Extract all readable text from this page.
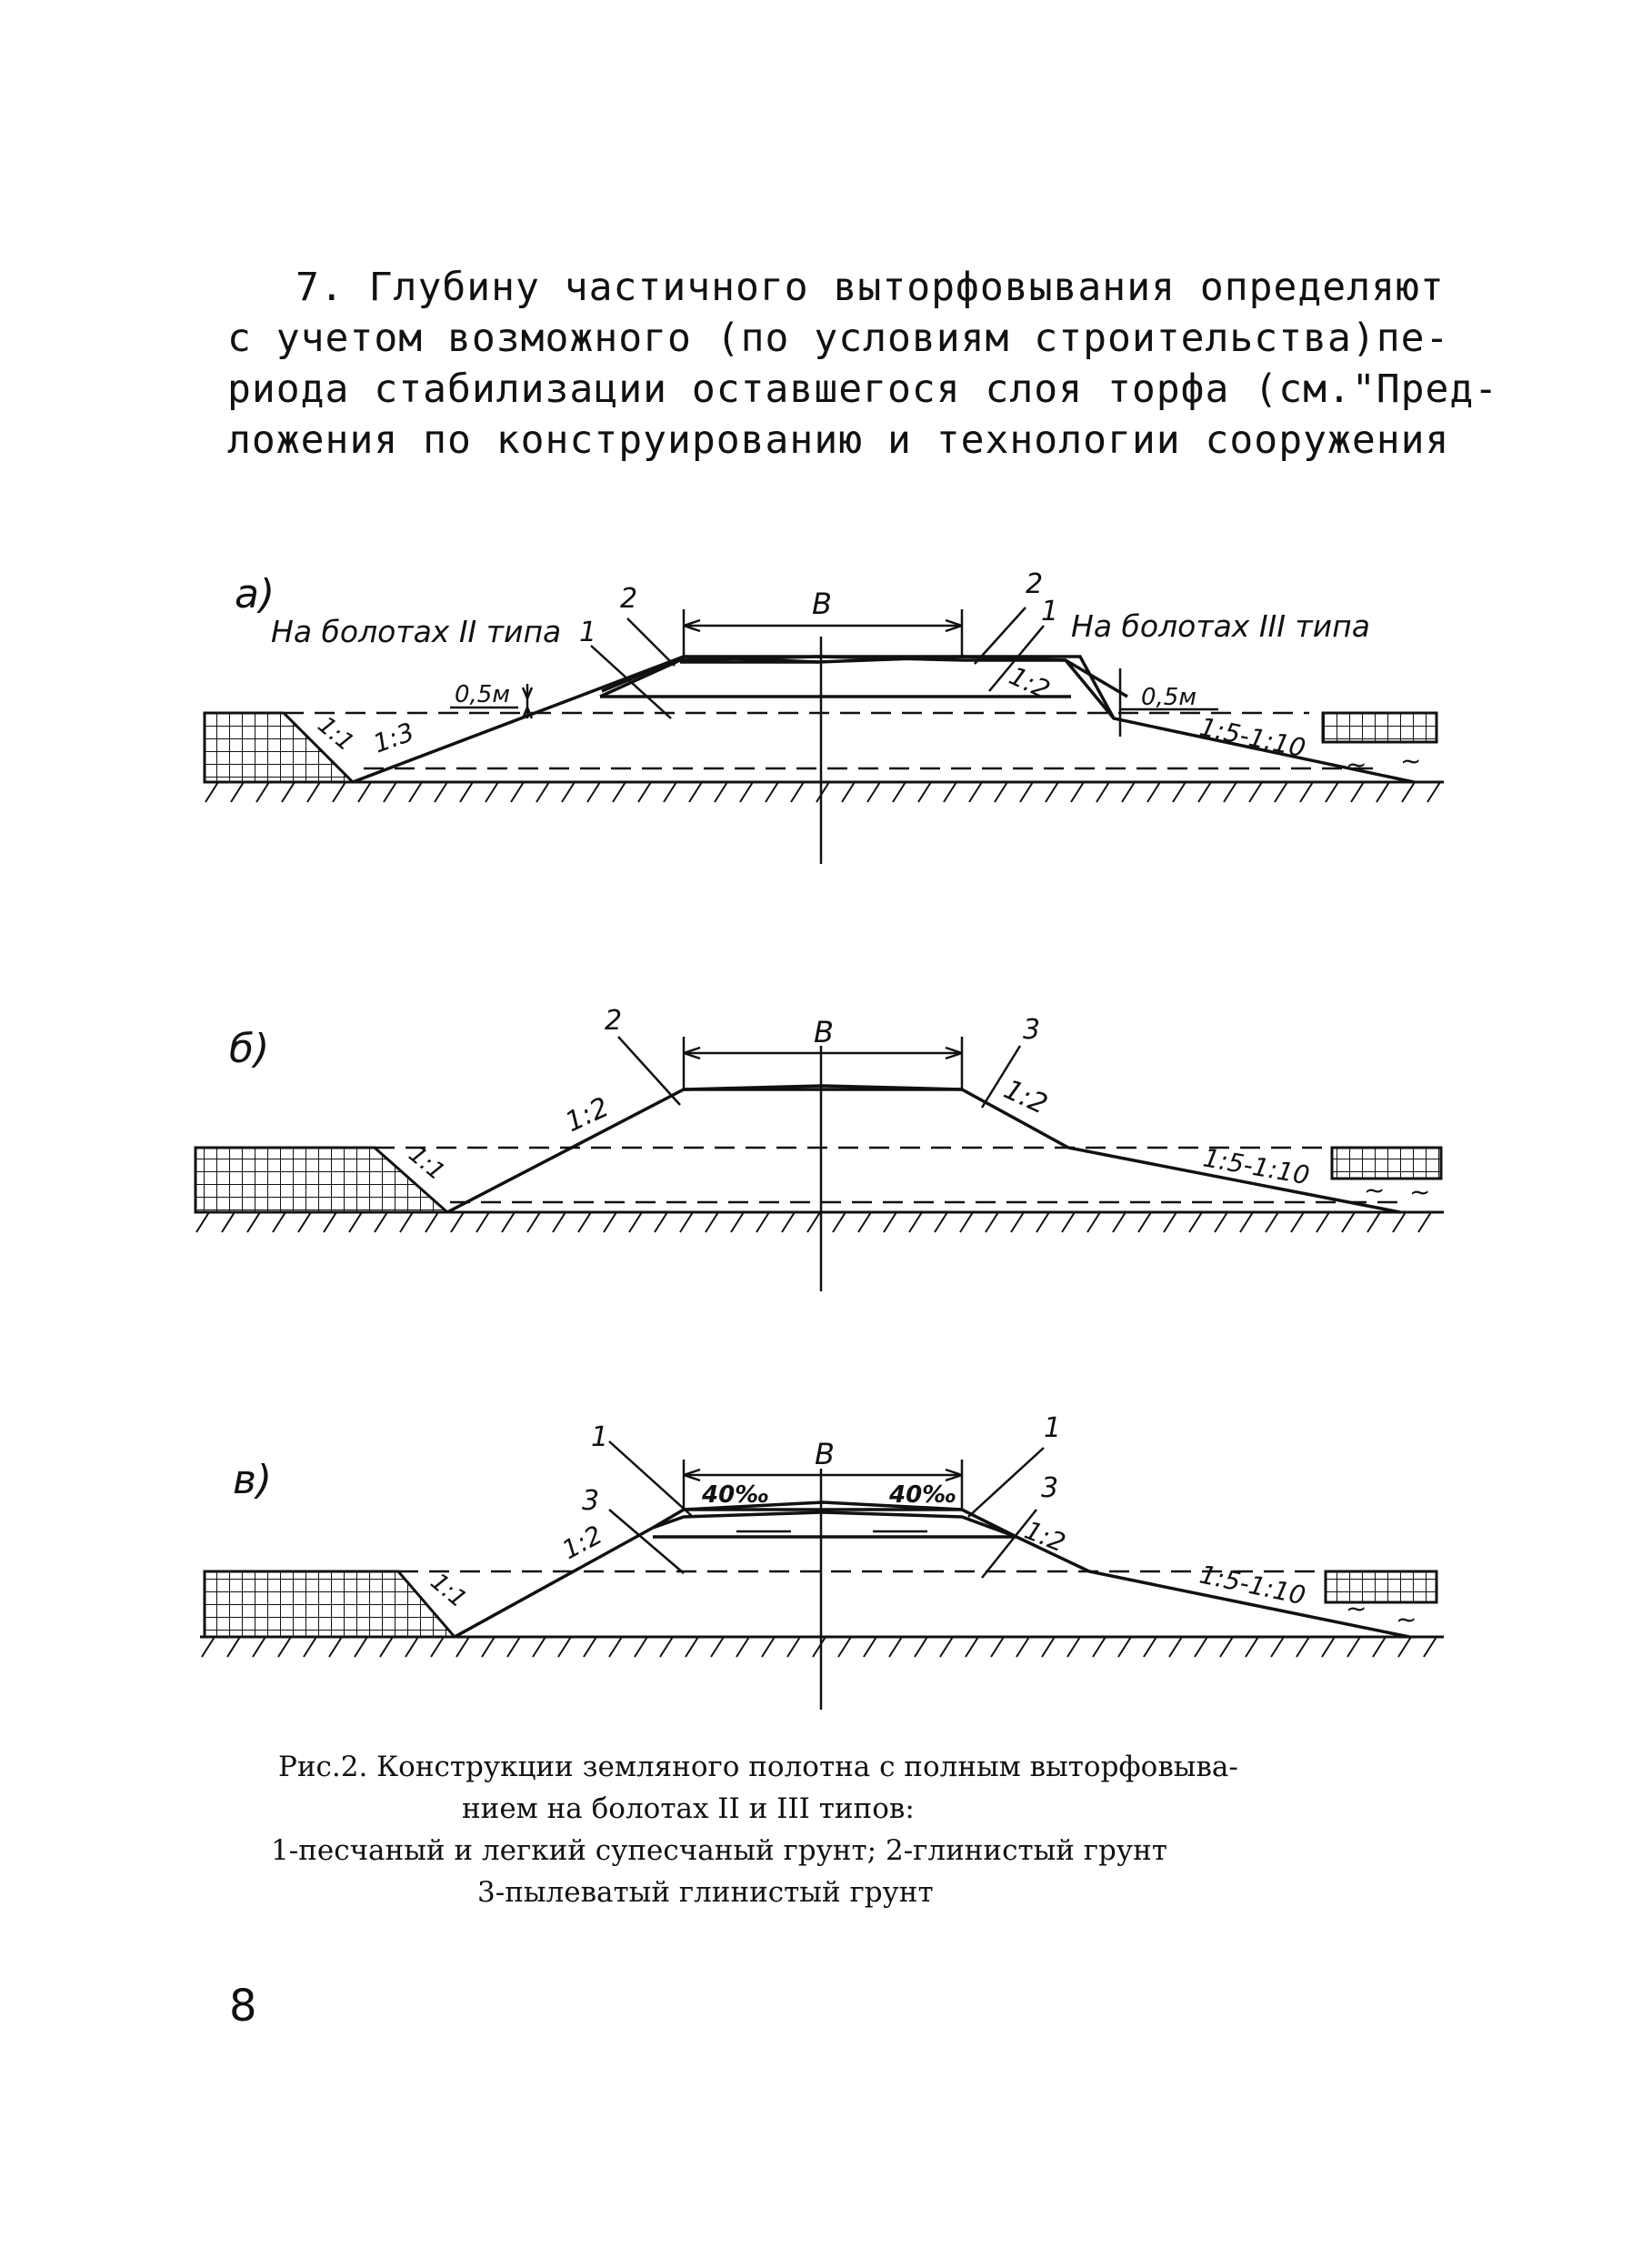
7. Глубину частичного выторфовывания определяют
с учетом возможного (по условиям строительства)пе-
риода стабилизации оставшегося слоя торфа (см."Пред-
ложения по конструированию и технологии сооружения
а)
На болотах II типа	На болотах III типа
B
2
1
2
1
1:3
1:2
1:1	1:5-1:10
0,5м	0,5м
~ ~
б)	B
2	3
1:2	1:2
1:1	1:5-1:10 ~ ~
в)
B
40‰	40‰
1
3
1
3
1:2	1:2
1:1	1:5-1:10 ~ ~
Рис.2. Конструкции земляного полотна с полным выторфовыва-
нием на болотах II и III типов:
1-песчаный и легкий супесчаный грунт; 2-глинистый грунт
3-пылеватый глинистый грунт
8
